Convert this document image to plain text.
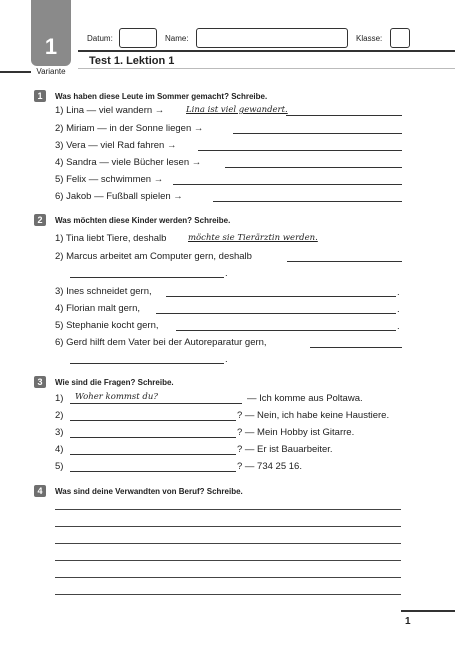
1
Variante
Datum:	Name:	Klasse:
Test 1. Lektion 1
1	Was haben diese Leute im Sommer gemacht? Schreibe.
1) Lina — viel wandern →	Lina ist viel gewandert.
2) Miriam — in der Sonne liegen →
3) Vera — viel Rad fahren →
4) Sandra — viele Bücher lesen →
5) Felix — schwimmen →
6) Jakob — Fußball spielen →
2	Was möchten diese Kinder werden? Schreibe.
1) Tina liebt Tiere, deshalb	möchte sie Tierärztin werden.
2) Marcus arbeitet am Computer gern, deshalb
.
3) Ines schneidet gern,	.
4) Florian malt gern,	.
5) Stephanie kocht gern,	.
6) Gerd hilft dem Vater bei der Autoreparatur gern,
.
3	Wie sind die Fragen? Schreibe.
1) Woher kommst du?	— Ich komme aus Poltawa.
2)	? — Nein, ich habe keine Haustiere.
3)	? — Mein Hobby ist Gitarre.
4)	? — Er ist Bauarbeiter.
5)	? — 734 25 16.
4	Was sind deine Verwandten von Beruf? Schreibe.
1
